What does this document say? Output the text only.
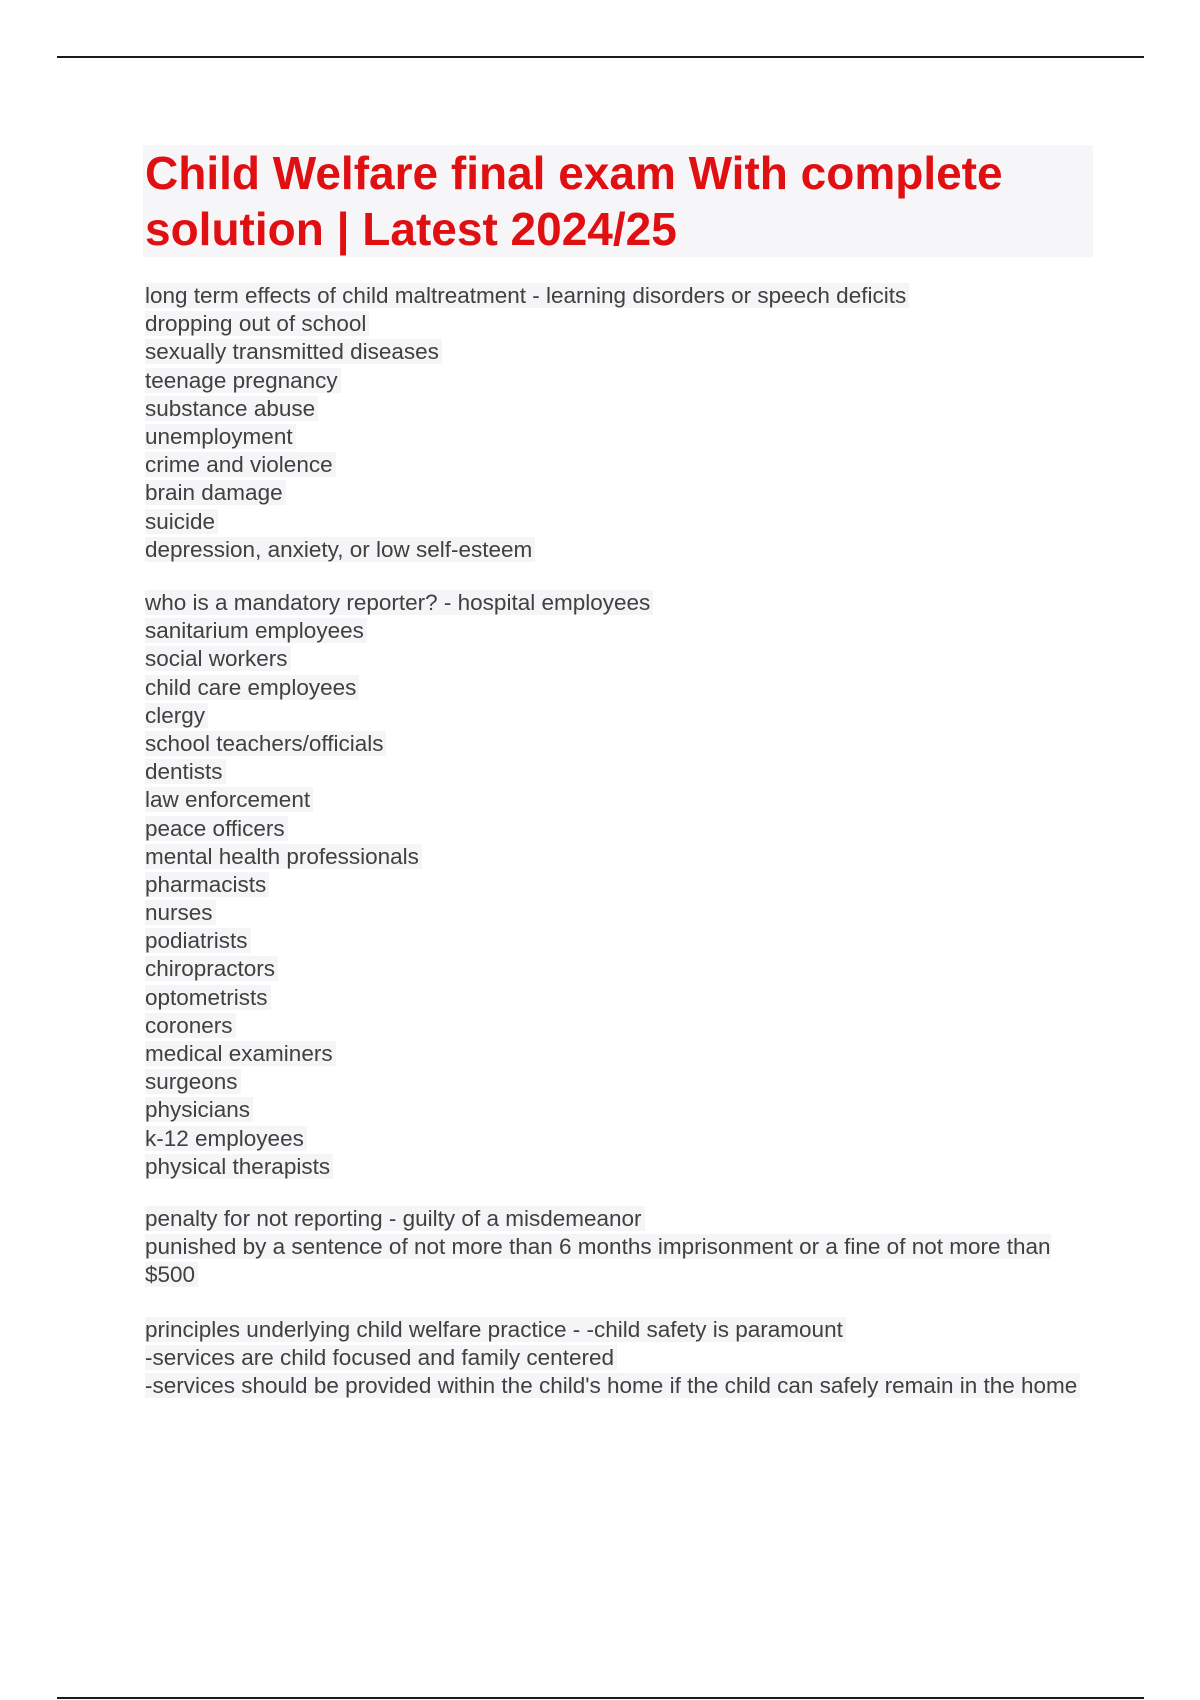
Child Welfare final exam With complete
solution | Latest 2024/25
long term effects of child maltreatment - learning disorders or speech deficits
dropping out of school
sexually transmitted diseases
teenage pregnancy
substance abuse
unemployment
crime and violence
brain damage
suicide
depression, anxiety, or low self-esteem
who is a mandatory reporter? - hospital employees
sanitarium employees
social workers
child care employees
clergy
school teachers/officials
dentists
law enforcement
peace officers
mental health professionals
pharmacists
nurses
podiatrists
chiropractors
optometrists
coroners
medical examiners
surgeons
physicians
k-12 employees
physical therapists
penalty for not reporting - guilty of a misdemeanor
punished by a sentence of not more than 6 months imprisonment or a fine of not more than $500
principles underlying child welfare practice - -child safety is paramount
-services are child focused and family centered
-services should be provided within the child's home if the child can safely remain in the home
